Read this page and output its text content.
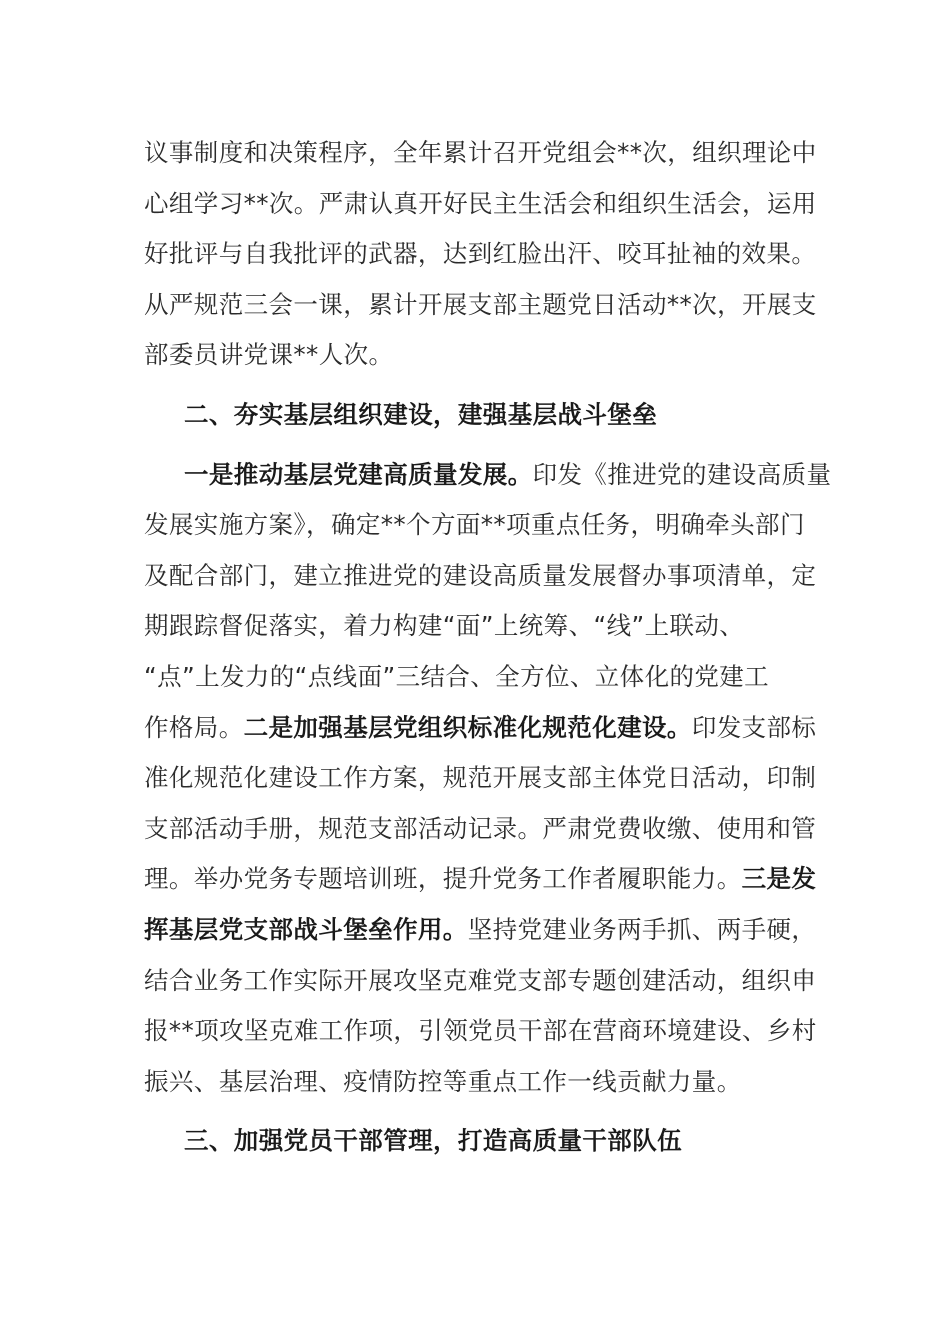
议事制度和决策程序，全年累计召开党组会**次，组织理论中
心组学习**次。严肃认真开好民主生活会和组织生活会，运用
好批评与自我批评的武器，达到红脸出汗、咬耳扯袖的效果。
从严规范三会一课，累计开展支部主题党日活动**次，开展支
部委员讲党课**人次。
二、夯实基层组织建设，建强基层战斗堡垒
一是推动基层党建高质量发展。印发《推进党的建设高质量
发展实施方案》，确定**个方面**项重点任务，明确牵头部门
及配合部门，建立推进党的建设高质量发展督办事项清单，定
期跟踪督促落实，着力构建“面”上统筹、“线”上联动、
“点”上发力的“点线面”三结合、全方位、立体化的党建工
作格局。二是加强基层党组织标准化规范化建设。印发支部标
准化规范化建设工作方案，规范开展支部主体党日活动，印制
支部活动手册，规范支部活动记录。严肃党费收缴、使用和管
理。举办党务专题培训班，提升党务工作者履职能力。三是发
挥基层党支部战斗堡垒作用。坚持党建业务两手抓、两手硬，
结合业务工作实际开展攻坚克难党支部专题创建活动，组织申
报**项攻坚克难工作项，引领党员干部在营商环境建设、乡村
振兴、基层治理、疫情防控等重点工作一线贡献力量。
三、加强党员干部管理，打造高质量干部队伍
